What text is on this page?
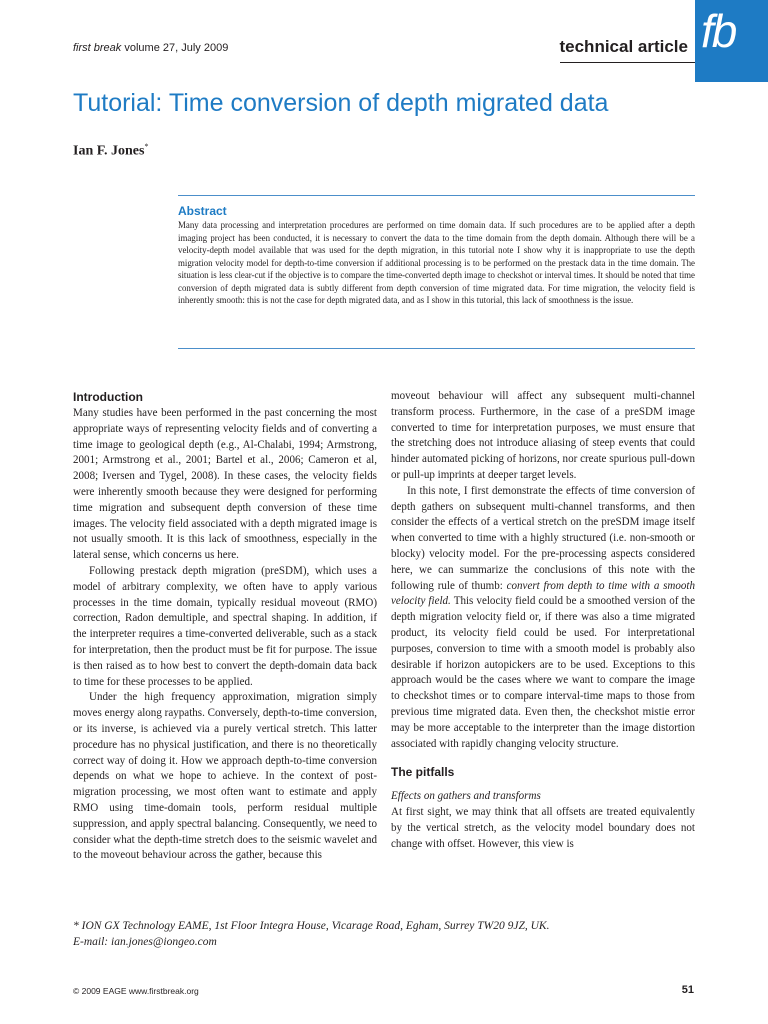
first break volume 27, July 2009	technical article fb
Tutorial: Time conversion of depth migrated data
Ian F. Jones*
Abstract
Many data processing and interpretation procedures are performed on time domain data. If such procedures are to be applied after a depth imaging project has been conducted, it is necessary to convert the data to the time domain from the depth domain. Although there will be a velocity-depth model available that was used for the depth migration, in this tutorial note I show why it is inappropriate to use the depth migration velocity model for depth-to-time conversion if additional processing is to be performed on the prestack data in the time domain. The situation is less clear-cut if the objective is to compare the time-converted depth image to checkshot or interval times. It should be noted that time conversion of depth migrated data is subtly different from depth conversion of time migrated data. For time migration, the velocity field is inherently smooth: this is not the case for depth migrated data, and as I show in this tutorial, this lack of smoothness is the issue.
Introduction

Many studies have been performed in the past concerning the most appropriate ways of representing velocity fields and of converting a time image to geological depth (e.g., Al-Chalabi, 1994; Armstrong, 2001; Armstrong et al., 2001; Bartel et al., 2006; Cameron et al, 2008; Iversen and Tygel, 2008). In these cases, the velocity fields were inherently smooth because they were designed for performing time migration and subsequent depth conversion of these time images. The velocity field associated with a depth migrated image is not usually smooth. It is this lack of smoothness, especially in the lateral sense, which concerns us here.

Following prestack depth migration (preSDM), which uses a model of arbitrary complexity, we often have to apply various processes in the time domain, typically residual moveout (RMO) correction, Radon demultiple, and spectral shaping. In addition, if the interpreter requires a time-converted deliverable, such as a stack for interpretation, then the product must be fit for purpose. The issue is then raised as to how best to convert the depth-domain data back to time for these processes to be applied.

Under the high frequency approximation, migration simply moves energy along raypaths. Conversely, depth-to-time conversion, or its inverse, is achieved via a purely vertical stretch. This latter procedure has no physical justification, and there is no theoretically correct way of doing it. How we approach depth-to-time conversion depends on what we hope to achieve. In the context of post-migration processing, we most often want to estimate and apply RMO using time-domain tools, perform residual multiple suppression, and apply spectral balancing. Consequently, we need to consider what the depth-time stretch does to the seismic wavelet and to the moveout behaviour across the gather, because this

moveout behaviour will affect any subsequent multi-channel transform process. Furthermore, in the case of a preSDM image converted to time for interpretation purposes, we must ensure that the stretching does not introduce aliasing of steep events that could hinder automated picking of horizons, nor create spurious pull-down or pull-up imprints at deeper target levels.

In this note, I first demonstrate the effects of time conversion of depth gathers on subsequent multi-channel transforms, and then consider the effects of a vertical stretch on the preSDM image itself when converted to time with a highly structured (i.e. non-smooth or blocky) velocity model. For the pre-processing aspects considered here, we can summarize the conclusions of this note with the following rule of thumb: convert from depth to time with a smooth velocity field. This velocity field could be a smoothed version of the depth migration velocity field or, if there was also a time migrated product, its velocity field could be used. For interpretational purposes, conversion to time with a smooth model is probably also desirable if horizon autopickers are to be used. Exceptions to this approach would be the cases where we want to compare the image to checkshot times or to compare interval-time maps to those from previous time migrated data. Even then, the checkshot mistie error may be more acceptable to the interpreter than the image distortion associated with rapidly changing velocity structure.

The pitfalls
Effects on gathers and transforms

At first sight, we may think that all offsets are treated equivalently by the vertical stretch, as the velocity model boundary does not change with offset. However, this view is

* ION GX Technology EAME, 1st Floor Integra House, Vicarage Road, Egham, Surrey TW20 9JZ, UK.
E-mail: ian.jones@iongeo.com
© 2009 EAGE www.firstbreak.org	51
